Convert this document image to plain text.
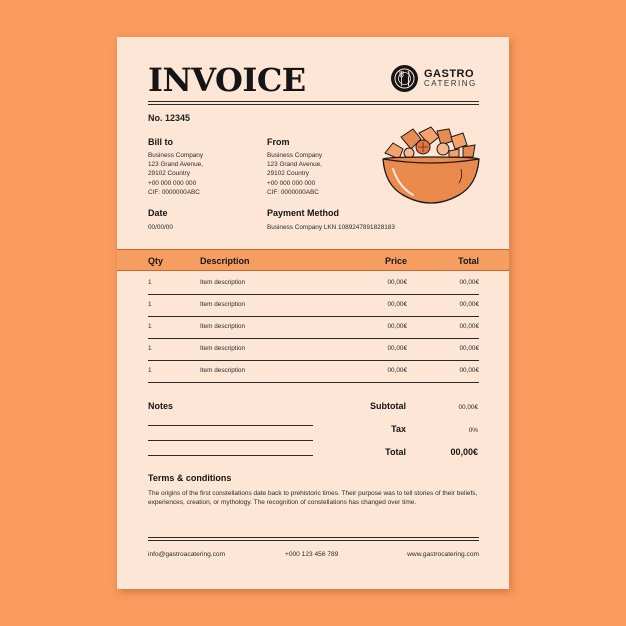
INVOICE	GASTRO
CATERING
No. 12345
Bill to
Business Company
123 Grand Avenue,
29102 Country
+00 000 000 000
CIF: 0000000ABC
From
Business Company
123 Grand Avenue,
29102 Country
+00 000 000 000
CIF: 0000000ABC
Date
00/00/00
Payment Method
Business Company LKN 1089247891828183
Qty	Description	Price	Total
1	Item description	00,00€	00,00€
1	Item description	00,00€	00,00€
1	Item description	00,00€	00,00€
1	Item description	00,00€	00,00€
1	Item description	00,00€	00,00€
Notes	Subtotal	00,00€
Tax	0%
Total	00,00€
Terms & conditions
The origins of the first constellations date back to prehistoric times. Their purpose was to tell stories of their beliefs, experiences, creation, or mythology. The recognition of constellations has changed over time.
info@gastroacatering.com	+000 123 456 789	www.gastrocatering.com
